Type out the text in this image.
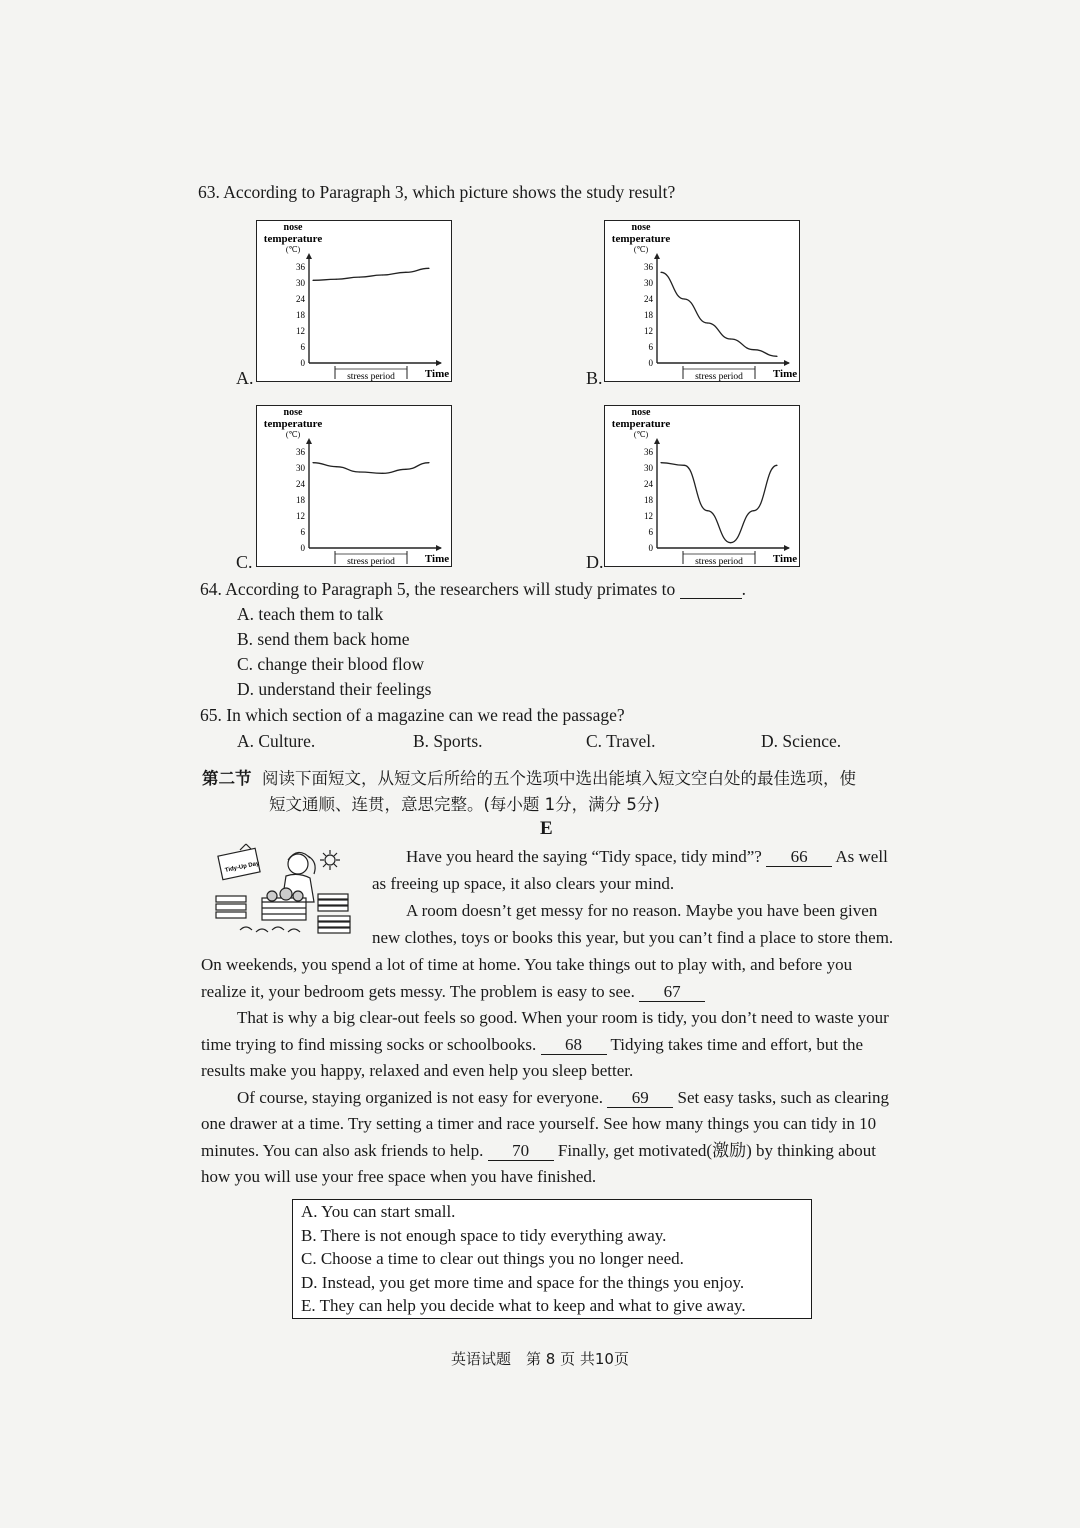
63. According to Paragraph 3, which picture shows the study result?
A.
nose
temperature
(℃)
36
30
24
18
12
6
0
stress period	Time	B.
nose
temperature
(℃)
36
30
24
18
12
6
0
stress period	Time
C.
nose
temperature
(℃)
36
30
24
18
12
6
0
stress period	Time	D.
nose
temperature
(℃)
36
30
24
18
12
6
0
stress period	Time
64. According to Paragraph 5, the researchers will study primates to	.
A. teach them to talk
B. send them back home
C. change their blood flow
D. understand their feelings
65. In which section of a magazine can we read the passage?
A. Culture.	B. Sports.	C. Travel.	D. Science.
第二节 阅读下面短文，从短文后所给的五个选项中选出能填入短文空白处的最佳选项，使
短文通顺、连贯，意思完整。(每小题 1分，满分 5分)
E
Tidy-Up Day
Have you heard the saying “Tidy space, tidy mind”? 66 As well
as freeing up space, it also clears your mind.
A room doesn’t get messy for no reason. Maybe you have been given
new clothes, toys or books this year, but you can’t find a place to store them.
On weekends, you spend a lot of time at home. You take things out to play with, and before you
realize it, your bedroom gets messy. The problem is easy to see. 67
That is why a big clear-out feels so good. When your room is tidy, you don’t need to waste your
time trying to find missing socks or schoolbooks. 68 Tidying takes time and effort, but the
results make you happy, relaxed and even help you sleep better.
Of course, staying organized is not easy for everyone. 69 Set easy tasks, such as clearing
one drawer at a time. Try setting a timer and race yourself. See how many things you can tidy in 10
minutes. You can also ask friends to help. 70 Finally, get motivated(激励) by thinking about
how you will use your free space when you have finished.
A. You can start small.
B. There is not enough space to tidy everything away.
C. Choose a time to clear out things you no longer need.
D. Instead, you get more time and space for the things you enjoy.
E. They can help you decide what to keep and what to give away.
英语试题　第 8 页 共10页
